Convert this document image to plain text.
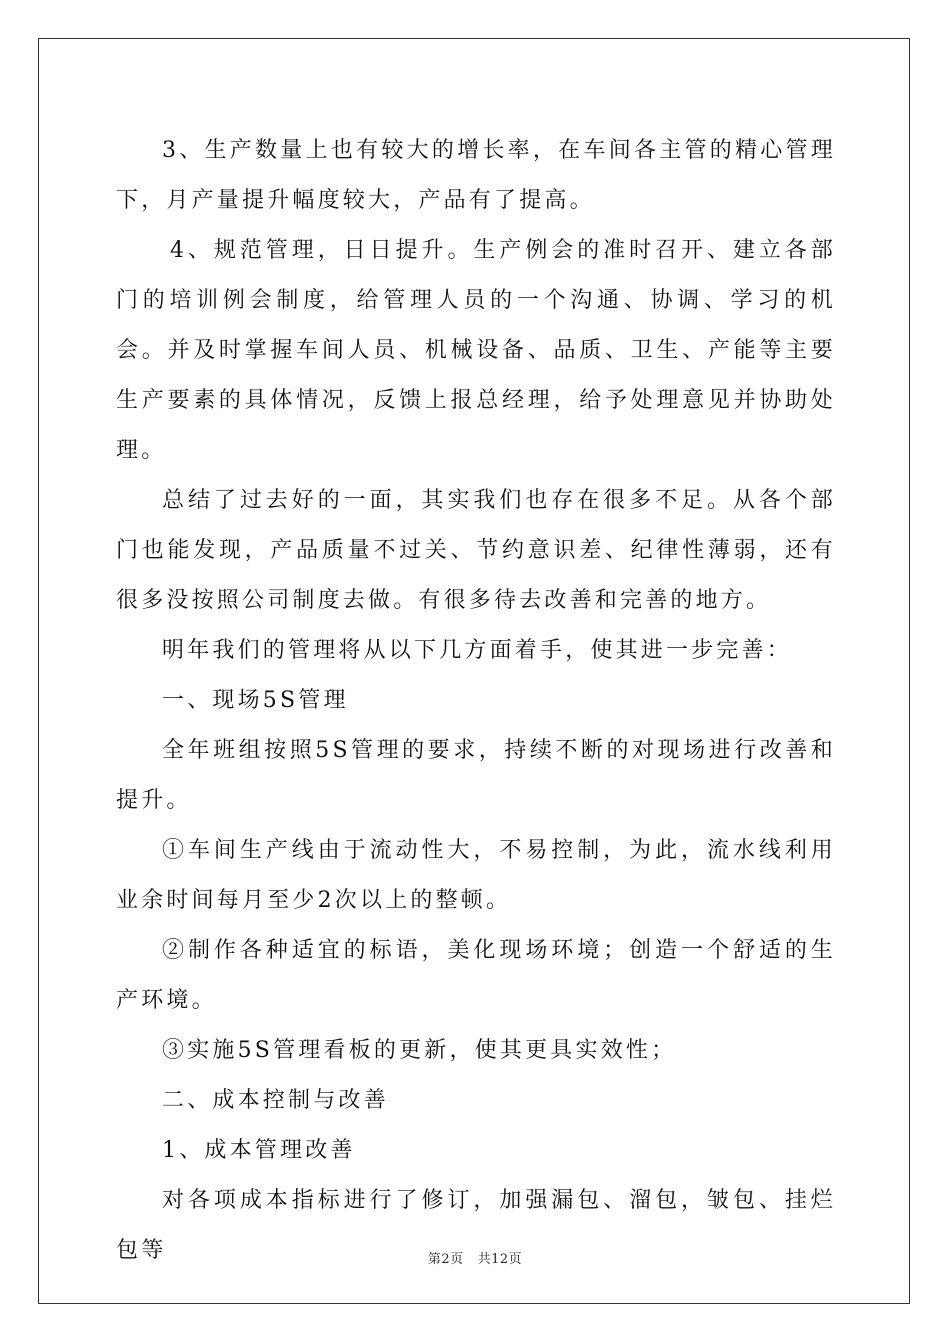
3、生产数量上也有较大的增长率，在车间各主管的精心管理下，月产量提升幅度较大，产品有了提高。

4、规范管理，日日提升。生产例会的准时召开、建立各部门的培训例会制度，给管理人员的一个沟通、协调、学习的机会。并及时掌握车间人员、机械设备、品质、卫生、产能等主要生产要素的具体情况，反馈上报总经理，给予处理意见并协助处理。

总结了过去好的一面，其实我们也存在很多不足。从各个部门也能发现，产品质量不过关、节约意识差、纪律性薄弱，还有很多没按照公司制度去做。有很多待去改善和完善的地方。

明年我们的管理将从以下几方面着手，使其进一步完善：

一、现场5S管理

全年班组按照5S管理的要求，持续不断的对现场进行改善和提升。

①车间生产线由于流动性大，不易控制，为此，流水线利用业余时间每月至少2次以上的整顿。

②制作各种适宜的标语，美化现场环境；创造一个舒适的生产环境。

③实施5S管理看板的更新，使其更具实效性；

二、成本控制与改善

1、成本管理改善

对各项成本指标进行了修订，加强漏包、溜包，皱包、挂烂包等	第2页 共12页
